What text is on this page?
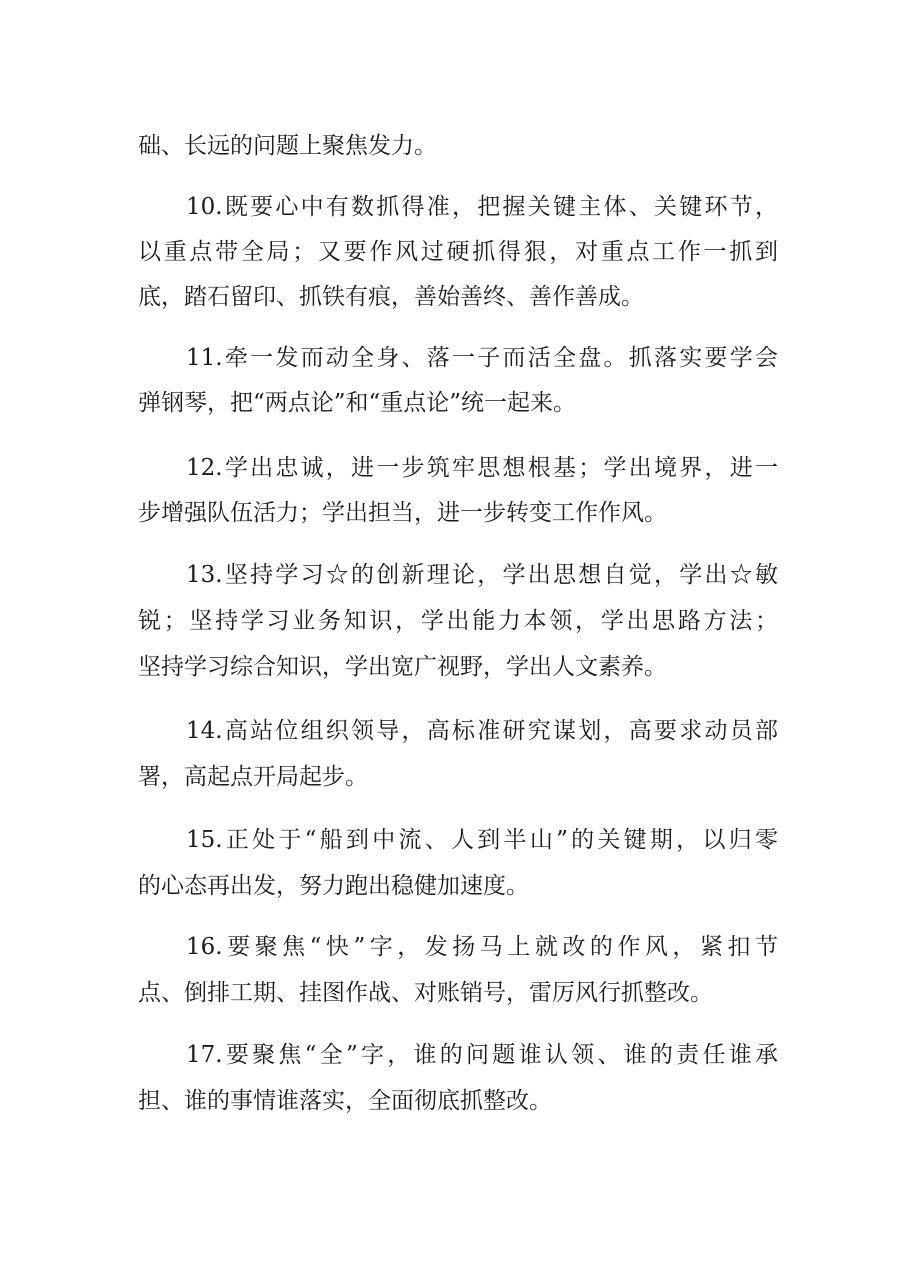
础、长远的问题上聚焦发力。
10.既要心中有数抓得准，把握关键主体、关键环节，
以重点带全局；又要作风过硬抓得狠，对重点工作一抓到
底，踏石留印、抓铁有痕，善始善终、善作善成。
11.牵一发而动全身、落一子而活全盘。抓落实要学会
弹钢琴，把“两点论”和“重点论”统一起来。
12.学出忠诚，进一步筑牢思想根基；学出境界，进一
步增强队伍活力；学出担当，进一步转变工作作风。
13.坚持学习☆的创新理论，学出思想自觉，学出☆敏
锐；坚持学习业务知识，学出能力本领，学出思路方法；
坚持学习综合知识，学出宽广视野，学出人文素养。
14.高站位组织领导，高标准研究谋划，高要求动员部
署，高起点开局起步。
15.正处于“船到中流、人到半山”的关键期，以归零
的心态再出发，努力跑出稳健加速度。
16.要聚焦“快”字，发扬马上就改的作风，紧扣节
点、倒排工期、挂图作战、对账销号，雷厉风行抓整改。
17.要聚焦“全”字，谁的问题谁认领、谁的责任谁承
担、谁的事情谁落实，全面彻底抓整改。
